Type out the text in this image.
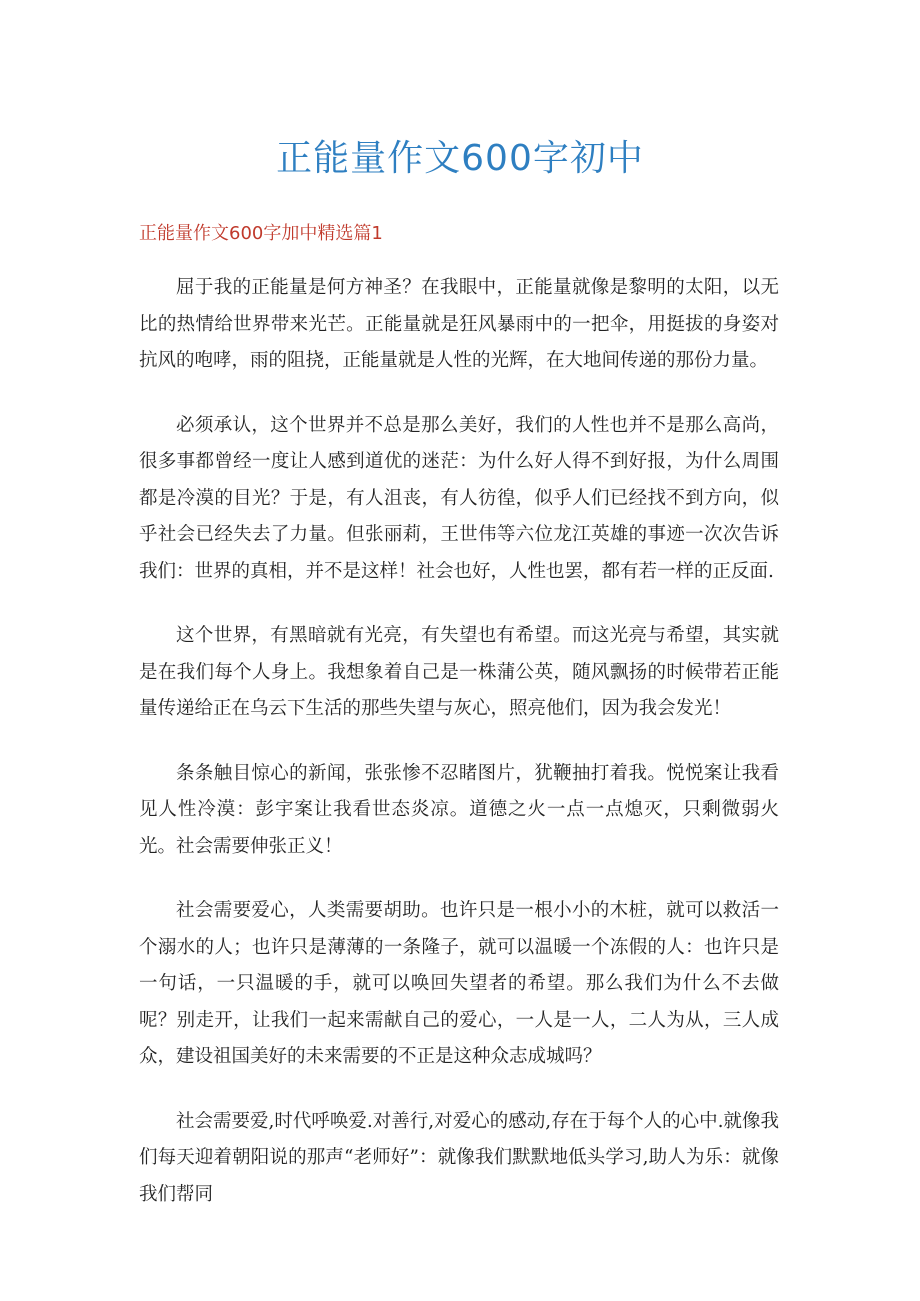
正能量作文600字初中
正能量作文600字加中精选篇1

屈于我的正能量是何方神圣？在我眼中，正能量就像是黎明的太阳，以无比的热情给世界带来光芒。正能量就是狂风暴雨中的一把伞，用挺拔的身姿对抗风的咆哮，雨的阻挠，正能量就是人性的光辉，在大地间传递的那份力量。

必须承认，这个世界并不总是那么美好，我们的人性也并不是那么高尚，很多事都曾经一度让人感到道优的迷茫：为什么好人得不到好报，为什么周围都是冷漠的目光？于是，有人沮丧，有人彷徨，似乎人们已经找不到方向，似乎社会已经失去了力量。但张丽莉，王世伟等六位龙江英雄的事迹一次次告诉我们：世界的真相，并不是这样！社会也好，人性也罢，都有若一样的正反面.

这个世界，有黑暗就有光亮，有失望也有希望。而这光亮与希望，其实就是在我们每个人身上。我想象着自己是一株蒲公英，随风飘扬的时候带若正能量传递给正在乌云下生活的那些失望与灰心，照亮他们，因为我会发光！

条条触目惊心的新闻，张张惨不忍睹图片，犹鞭抽打着我。悦悦案让我看见人性冷漠：彭宇案让我看世态炎凉。道德之火一点一点熄灭，只剩微弱火光。社会需要伸张正义！

社会需要爱心，人类需要胡助。也许只是一根小小的木桩，就可以救活一个溺水的人；也许只是薄薄的一条隆子，就可以温暖一个冻假的人：也许只是一句话，一只温暖的手，就可以唤回失望者的希望。那么我们为什么不去做呢？别走开，让我们一起来需献自己的爱心，一人是一人，二人为从，三人成众，建设祖国美好的未来需要的不正是这种众志成城吗？

社会需要爱,时代呼唤爱.对善行,对爱心的感动,存在于每个人的心中.就像我们每天迎着朝阳说的那声“老师好”：就像我们默默地低头学习,助人为乐：就像我们帮同
